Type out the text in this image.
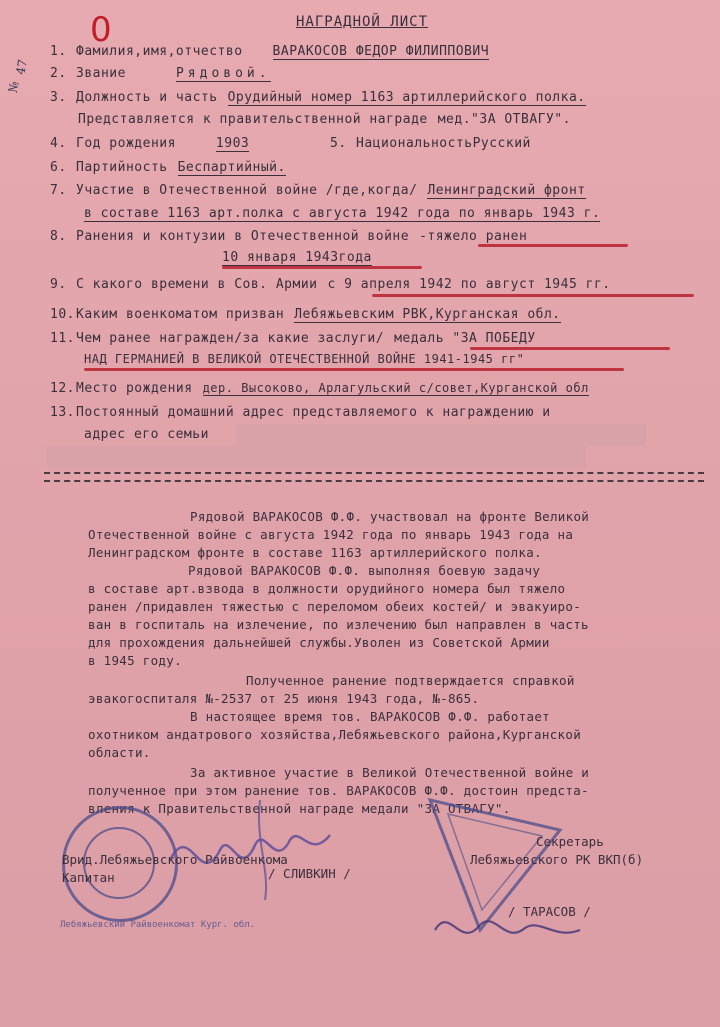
0
№
47
НАГРАДНОЙ ЛИСТ
1. Фамилия,имя,отчество ВАРАКОСОВ ФЕДОР ФИЛИППОВИЧ
2. Звание	Рядовой.
3. Должность и часть Орудийный номер 1163 артиллерийского полка.
Представляется к правительственной награде мед."ЗА ОТВАГУ".
4. Год рождения	1903	5. НациональностьРусский
6. Партийность Беспартийный.
7. Участие в Отечественной войне /где,когда/ Ленинградский фронт
в составе 1163 арт.полка с августа 1942 года по январь 1943 г.
8. Ранения и контузии в Отечественной войне -тяжело ранен
10 января 1943года
9. С какого времени в Сов. Армии с 9 апреля 1942 по август 1945 гг.
10.Каким военкоматом призван Лебяжьевским РВК,Курганская обл.
11.Чем ранее награжден/за какие заслуги/ медаль "ЗА ПОБЕДУ
НАД ГЕРМАНИЕЙ В ВЕЛИКОЙ ОТЕЧЕСТВЕННОЙ ВОЙНЕ 1941-1945 гг"
12.Место рождения дер. Высоково, Арлагульский с/совет,Курганской обл
13.Постоянный домашний адрес представляемого к награждению и
адрес его семьи
Рядовой ВАРАКОСОВ Ф.Ф. участвовал на фронте Великой
Отечественной войне с августа 1942 года по январь 1943 года на
Ленинградском фронте в составе 1163 артиллерийского полка.
Рядовой ВАРАКОСОВ Ф.Ф. выполняя боевую задачу
в составе арт.взвода в должности орудийного номера был тяжело
ранен /придавлен тяжестью с переломом обеих костей/ и эвакуиро-
ван в госпиталь на излечение, по излечению был направлен в часть
для прохождения дальнейшей службы.Уволен из Советской Армии
в 1945 году.
Полученное ранение подтверждается справкой
эвакогоспиталя №-2537 от 25 июня 1943 года, №-865.
В настоящее время тов. ВАРАКОСОВ Ф.Ф. работает
охотником андатрового хозяйства,Лебяжьевского района,Курганской
области.
За активное участие в Великой Отечественной войне и
полученное при этом ранение тов. ВАРАКОСОВ Ф.Ф. достоин предста-
вления к Правительственной награде медали "ЗА ОТВАГУ".
Лебяжьевский Райвоенкомат Кург. обл.
Врид.Лебяжьевского Райвоенкома
Капитан	/ СЛИВКИН /
Секретарь
Лебяжьевского РК ВКП(б)
/ ТАРАСОВ /
